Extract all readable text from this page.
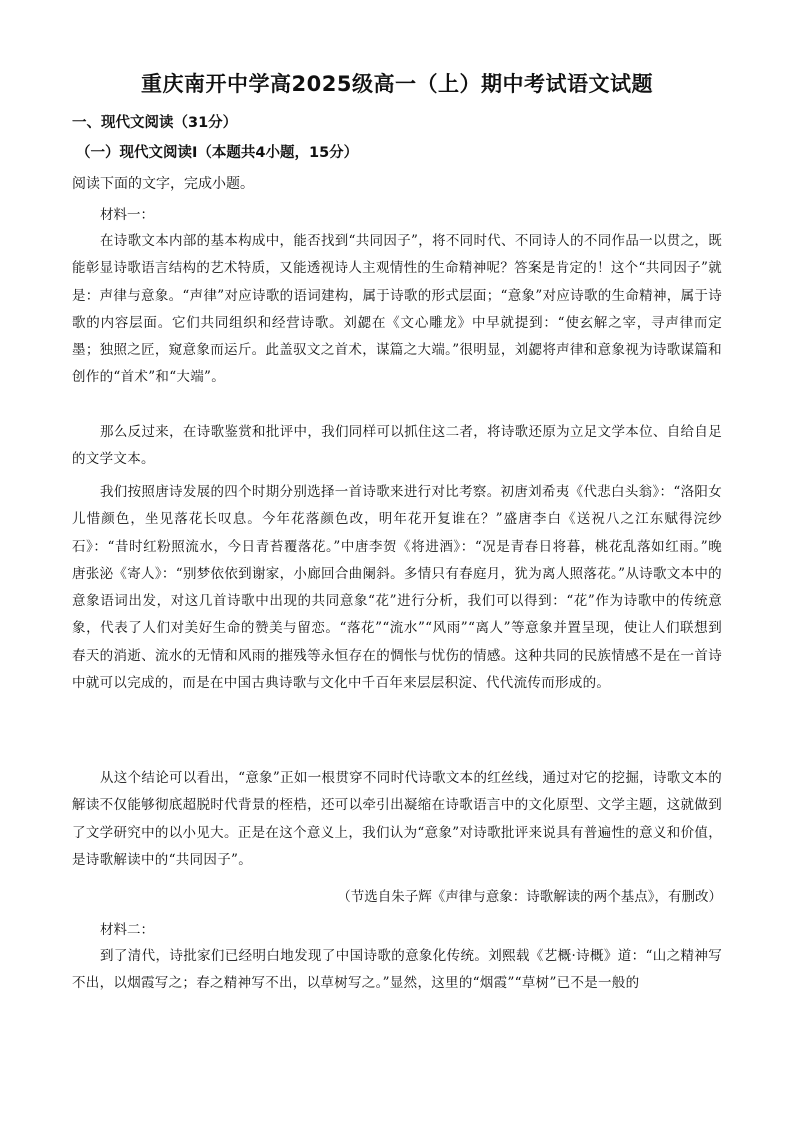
重庆南开中学高2025级高一（上）期中考试语文试题
一、现代文阅读（31分）
（一）现代文阅读Ⅰ（本题共4小题，15分）
阅读下面的文字，完成小题。
材料一：

在诗歌文本内部的基本构成中，能否找到“共同因子”，将不同时代、不同诗人的不同作品一以贯之，既能彰显诗歌语言结构的艺术特质，又能透视诗人主观情性的生命精神呢？答案是肯定的！这个“共同因子”就是：声律与意象。“声律”对应诗歌的语词建构，属于诗歌的形式层面；“意象”对应诗歌的生命精神，属于诗歌的内容层面。它们共同组织和经营诗歌。刘勰在《文心雕龙》中早就提到：“使玄解之宰，寻声律而定墨；独照之匠，窥意象而运斤。此盖驭文之首术，谋篇之大端。”很明显，刘勰将声律和意象视为诗歌谋篇和创作的“首术”和“大端”。

那么反过来，在诗歌鉴赏和批评中，我们同样可以抓住这二者，将诗歌还原为立足文学本位、自给自足的文学文本。

我们按照唐诗发展的四个时期分别选择一首诗歌来进行对比考察。初唐刘希夷《代悲白头翁》：“洛阳女儿惜颜色，坐见落花长叹息。今年花落颜色改，明年花开复谁在？”盛唐李白《送祝八之江东赋得浣纱石》：“昔时红粉照流水，今日青苔覆落花。”中唐李贺《将进酒》：“况是青春日将暮，桃花乱落如红雨。”晚唐张泌《寄人》：“别梦依依到谢家，小廊回合曲阑斜。多情只有春庭月，犹为离人照落花。”从诗歌文本中的意象语词出发，对这几首诗歌中出现的共同意象“花”进行分析，我们可以得到：“花”作为诗歌中的传统意象，代表了人们对美好生命的赞美与留恋。“落花”“流水”“风雨”“离人”等意象并置呈现，使让人们联想到春天的消逝、流水的无情和风雨的摧残等永恒存在的惆怅与忧伤的情感。这种共同的民族情感不是在一首诗中就可以完成的，而是在中国古典诗歌与文化中千百年来层层积淀、代代流传而形成的。

从这个结论可以看出，“意象”正如一根贯穿不同时代诗歌文本的红丝线，通过对它的挖掘，诗歌文本的解读不仅能够彻底超脱时代背景的桎梏，还可以牵引出凝缩在诗歌语言中的文化原型、文学主题，这就做到了文学研究中的以小见大。正是在这个意义上，我们认为“意象”对诗歌批评来说具有普遍性的意义和价值，是诗歌解读中的“共同因子”。

（节选自朱子辉《声律与意象：诗歌解读的两个基点》，有删改）
材料二：

到了清代，诗批家们已经明白地发现了中国诗歌的意象化传统。刘熙载《艺概·诗概》道：“山之精神写不出，以烟霞写之；春之精神写不出，以草树写之。”显然，这里的“烟霞”“草树”已不是一般的
